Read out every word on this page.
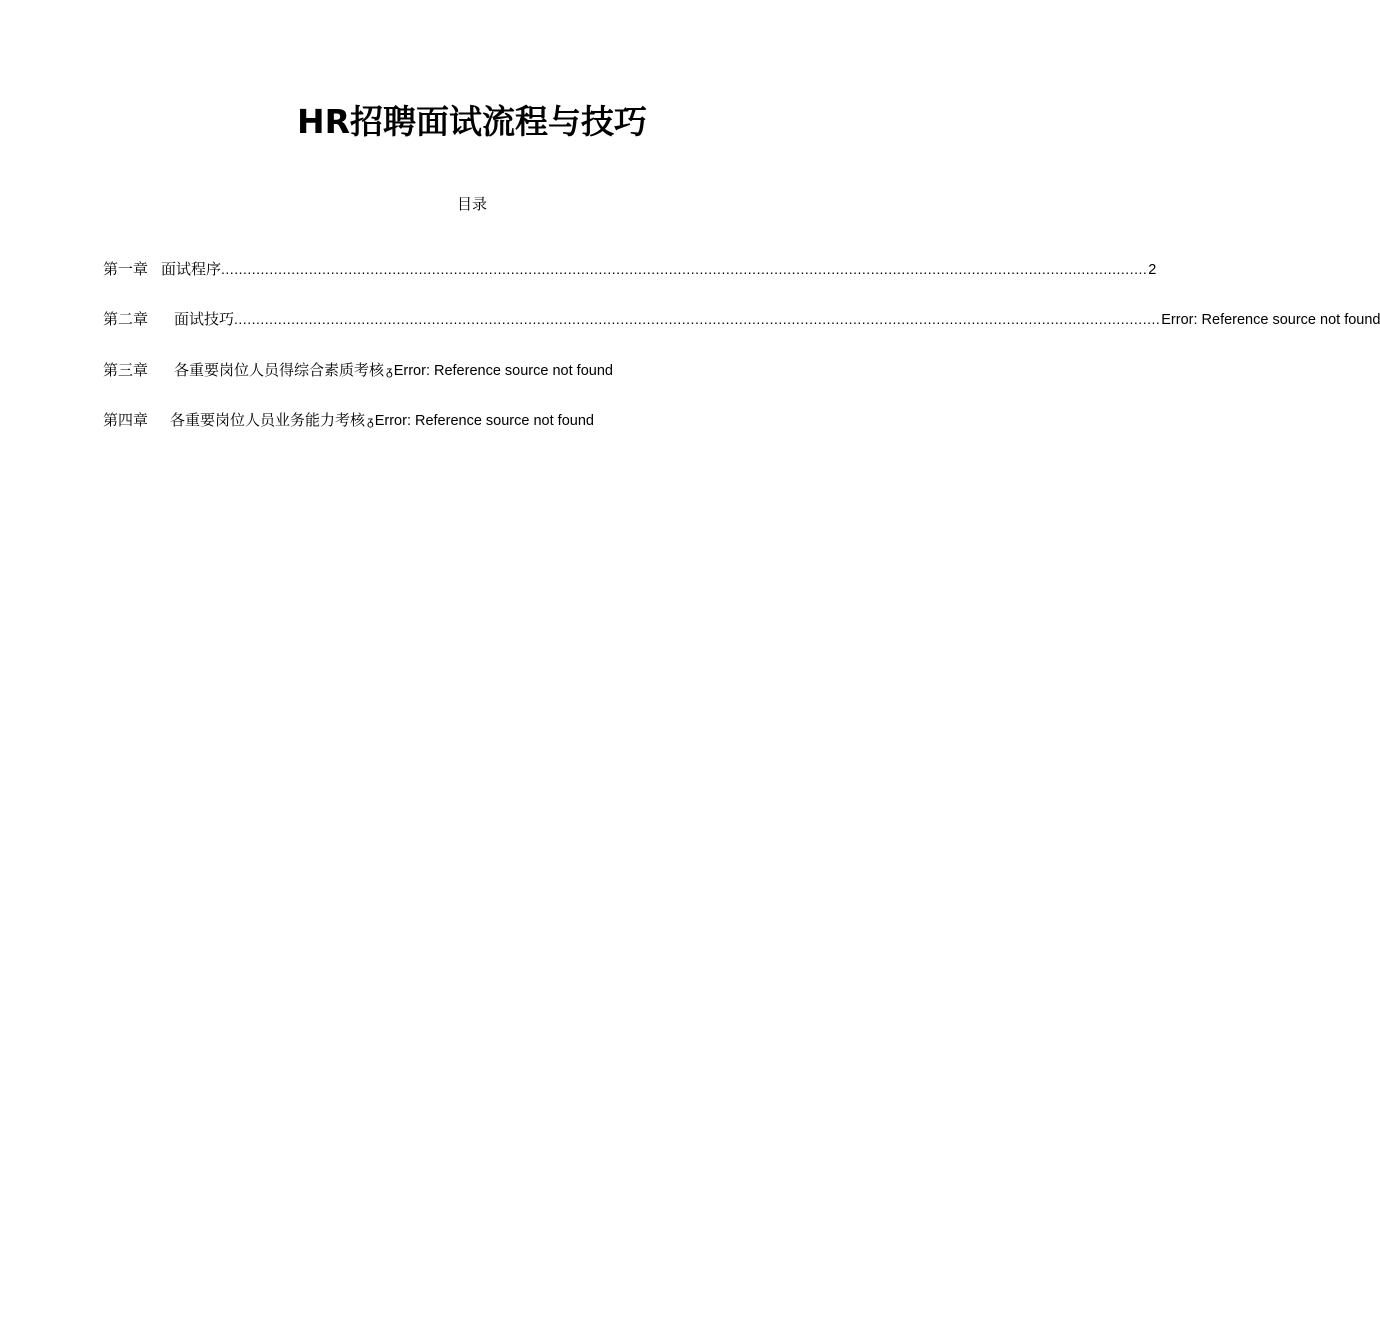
HR招聘面试流程与技巧
目录
第一章 面试程序 ................................................................................................................................................................................................................... 2
第二章 面试技巧 ................................................................................................................................................................................................................... Error: Reference source not found
第三章 各重要岗位人员得综合素质考核 ᵹ Error: Reference source not found
第四章 各重要岗位人员业务能力考核 ᵹ Error: Reference source not found
